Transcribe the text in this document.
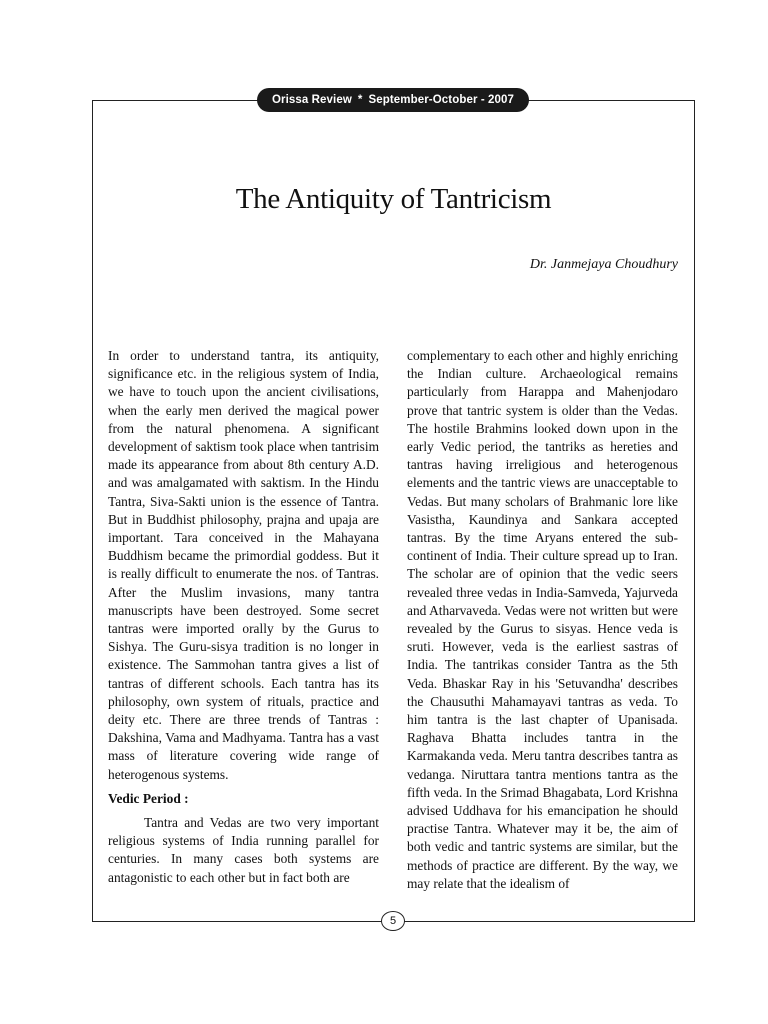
Orissa Review * September-October - 2007
The Antiquity of Tantricism
Dr. Janmejaya Choudhury

In order to understand tantra, its antiquity, significance etc. in the religious system of India, we have to touch upon the ancient civilisations, when the early men derived the magical power from the natural phenomena. A significant development of saktism took place when tantrisim made its appearance from about 8th century A.D. and was amalgamated with saktism. In the Hindu Tantra, Siva-Sakti union is the essence of Tantra. But in Buddhist philosophy, prajna and upaja are important. Tara conceived in the Mahayana Buddhism became the primordial goddess. But it is really difficult to enumerate the nos. of Tantras. After the Muslim invasions, many tantra manuscripts have been destroyed. Some secret tantras were imported orally by the Gurus to Sishya. The Guru-sisya tradition is no longer in existence. The Sammohan tantra gives a list of tantras of different schools. Each tantra has its philosophy, own system of rituals, practice and deity etc. There are three trends of Tantras : Dakshina, Vama and Madhyama. Tantra has a vast mass of literature covering wide range of heterogenous systems.

Vedic Period :

Tantra and Vedas are two very important religious systems of India running parallel for centuries. In many cases both systems are antagonistic to each other but in fact both are

complementary to each other and highly enriching the Indian culture. Archaeological remains particularly from Harappa and Mahenjodaro prove that tantric system is older than the Vedas. The hostile Brahmins looked down upon in the early Vedic period, the tantriks as hereties and tantras having irreligious and heterogenous elements and the tantric views are unacceptable to Vedas. But many scholars of Brahmanic lore like Vasistha, Kaundinya and Sankara accepted tantras. By the time Aryans entered the sub-continent of India. Their culture spread up to Iran. The scholar are of opinion that the vedic seers revealed three vedas in India-Samveda, Yajurveda and Atharvaveda. Vedas were not written but were revealed by the Gurus to sisyas. Hence veda is sruti. However, veda is the earliest sastras of India. The tantrikas consider Tantra as the 5th Veda. Bhaskar Ray in his 'Setuvandha' describes the Chausuthi Mahamayavi tantras as veda. To him tantra is the last chapter of Upanisada. Raghava Bhatta includes tantra in the Karmakanda veda. Meru tantra describes tantra as vedanga. Niruttara tantra mentions tantra as the fifth veda. In the Srimad Bhagabata, Lord Krishna advised Uddhava for his emancipation he should practise Tantra. Whatever may it be, the aim of both vedic and tantric systems are similar, but the methods of practice are different. By the way, we may relate that the idealism of

5
